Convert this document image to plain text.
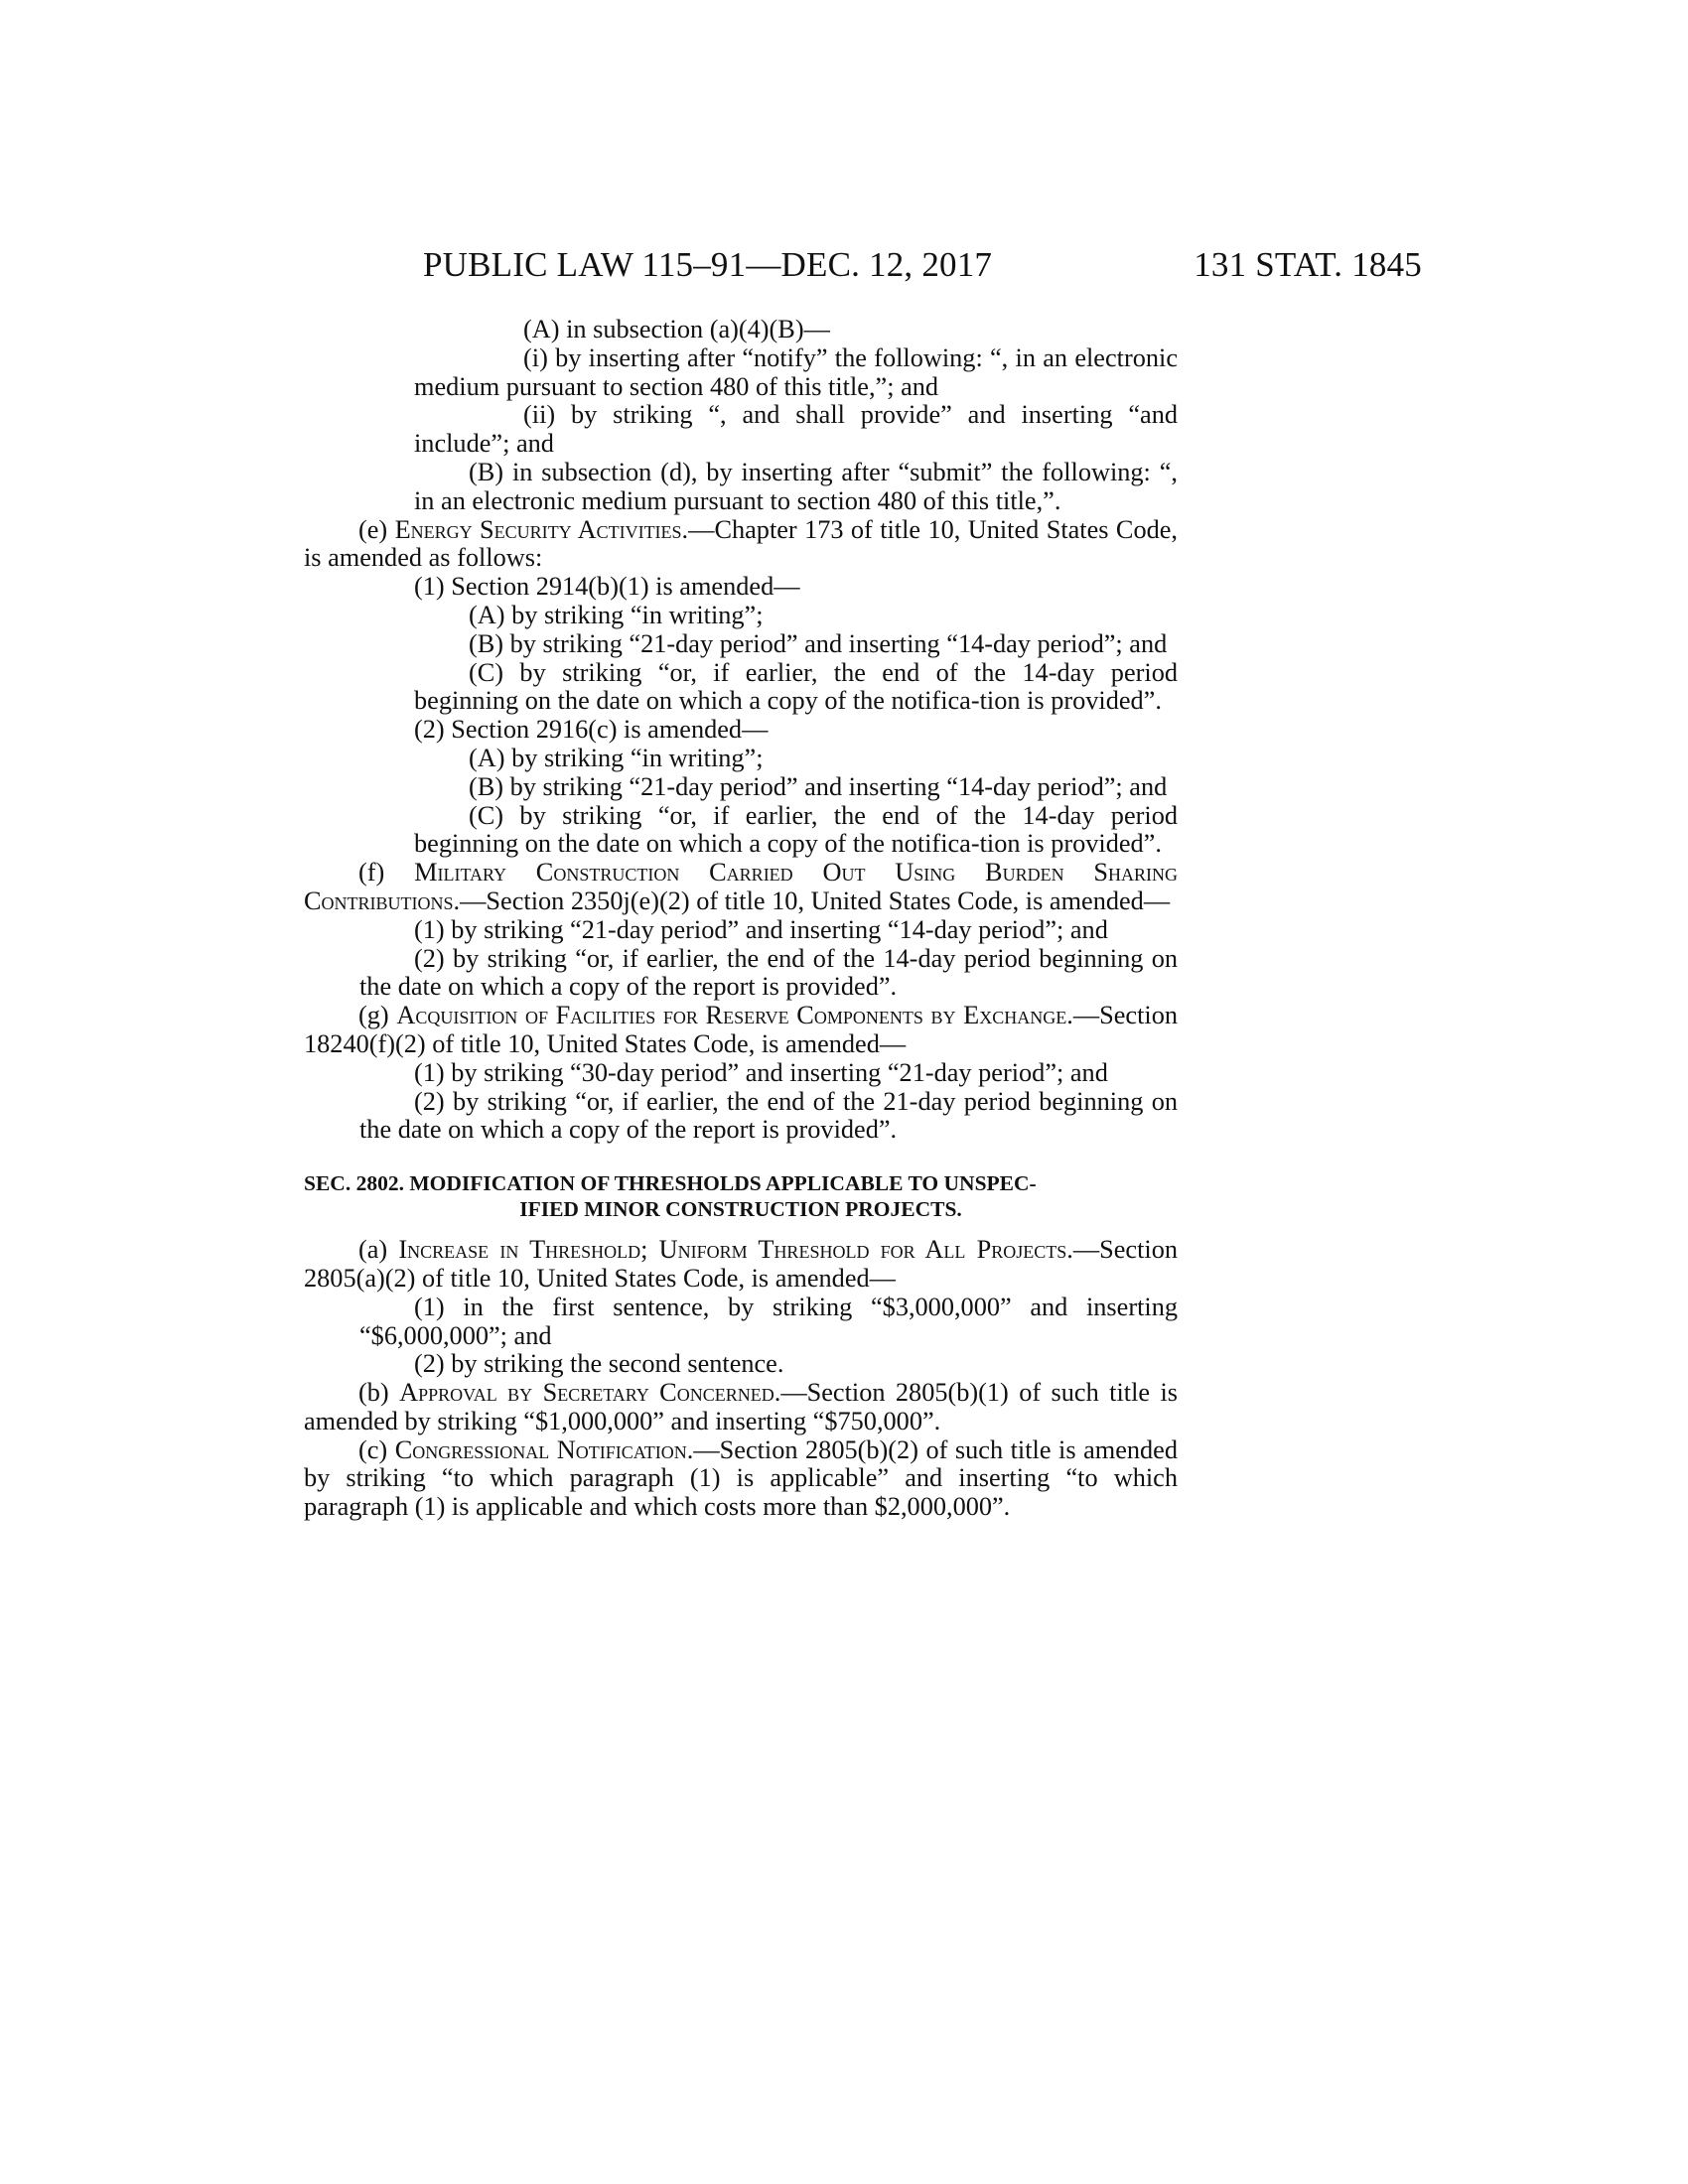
PUBLIC LAW 115–91—DEC. 12, 2017	131 STAT. 1845

(A) in subsection (a)(4)(B)—

(i) by inserting after “notify” the following: “, in an electronic medium pursuant to section 480 of this title,”; and

(ii) by striking “, and shall provide” and inserting “and include”; and

(B) in subsection (d), by inserting after “submit” the following: “, in an electronic medium pursuant to section 480 of this title,”.

(e) Energy Security Activities.—Chapter 173 of title 10, United States Code, is amended as follows:

(1) Section 2914(b)(1) is amended—

(A) by striking “in writing”;

(B) by striking “21-day period” and inserting “14-day period”; and

(C) by striking “or, if earlier, the end of the 14-day period beginning on the date on which a copy of the notifica-tion is provided”.

(2) Section 2916(c) is amended—

(A) by striking “in writing”;

(B) by striking “21-day period” and inserting “14-day period”; and

(C) by striking “or, if earlier, the end of the 14-day period beginning on the date on which a copy of the notifica-tion is provided”.

(f) Military Construction Carried Out Using Burden Sharing Contributions.—Section 2350j(e)(2) of title 10, United States Code, is amended—

(1) by striking “21-day period” and inserting “14-day period”; and

(2) by striking “or, if earlier, the end of the 14-day period beginning on the date on which a copy of the report is provided”.

(g) Acquisition of Facilities for Reserve Components by Exchange.—Section 18240(f)(2) of title 10, United States Code, is amended—

(1) by striking “30-day period” and inserting “21-day period”; and

(2) by striking “or, if earlier, the end of the 21-day period beginning on the date on which a copy of the report is provided”.

SEC. 2802. MODIFICATION OF THRESHOLDS APPLICABLE TO UNSPEC-
IFIED MINOR CONSTRUCTION PROJECTS.

(a) Increase in Threshold; Uniform Threshold for All Projects.—Section 2805(a)(2) of title 10, United States Code, is amended—

(1) in the first sentence, by striking “$3,000,000” and inserting “$6,000,000”; and

(2) by striking the second sentence.

(b) Approval by Secretary Concerned.—Section 2805(b)(1) of such title is amended by striking “$1,000,000” and inserting “$750,000”.

(c) Congressional Notification.—Section 2805(b)(2) of such title is amended by striking “to which paragraph (1) is applicable” and inserting “to which paragraph (1) is applicable and which costs more than $2,000,000”.
